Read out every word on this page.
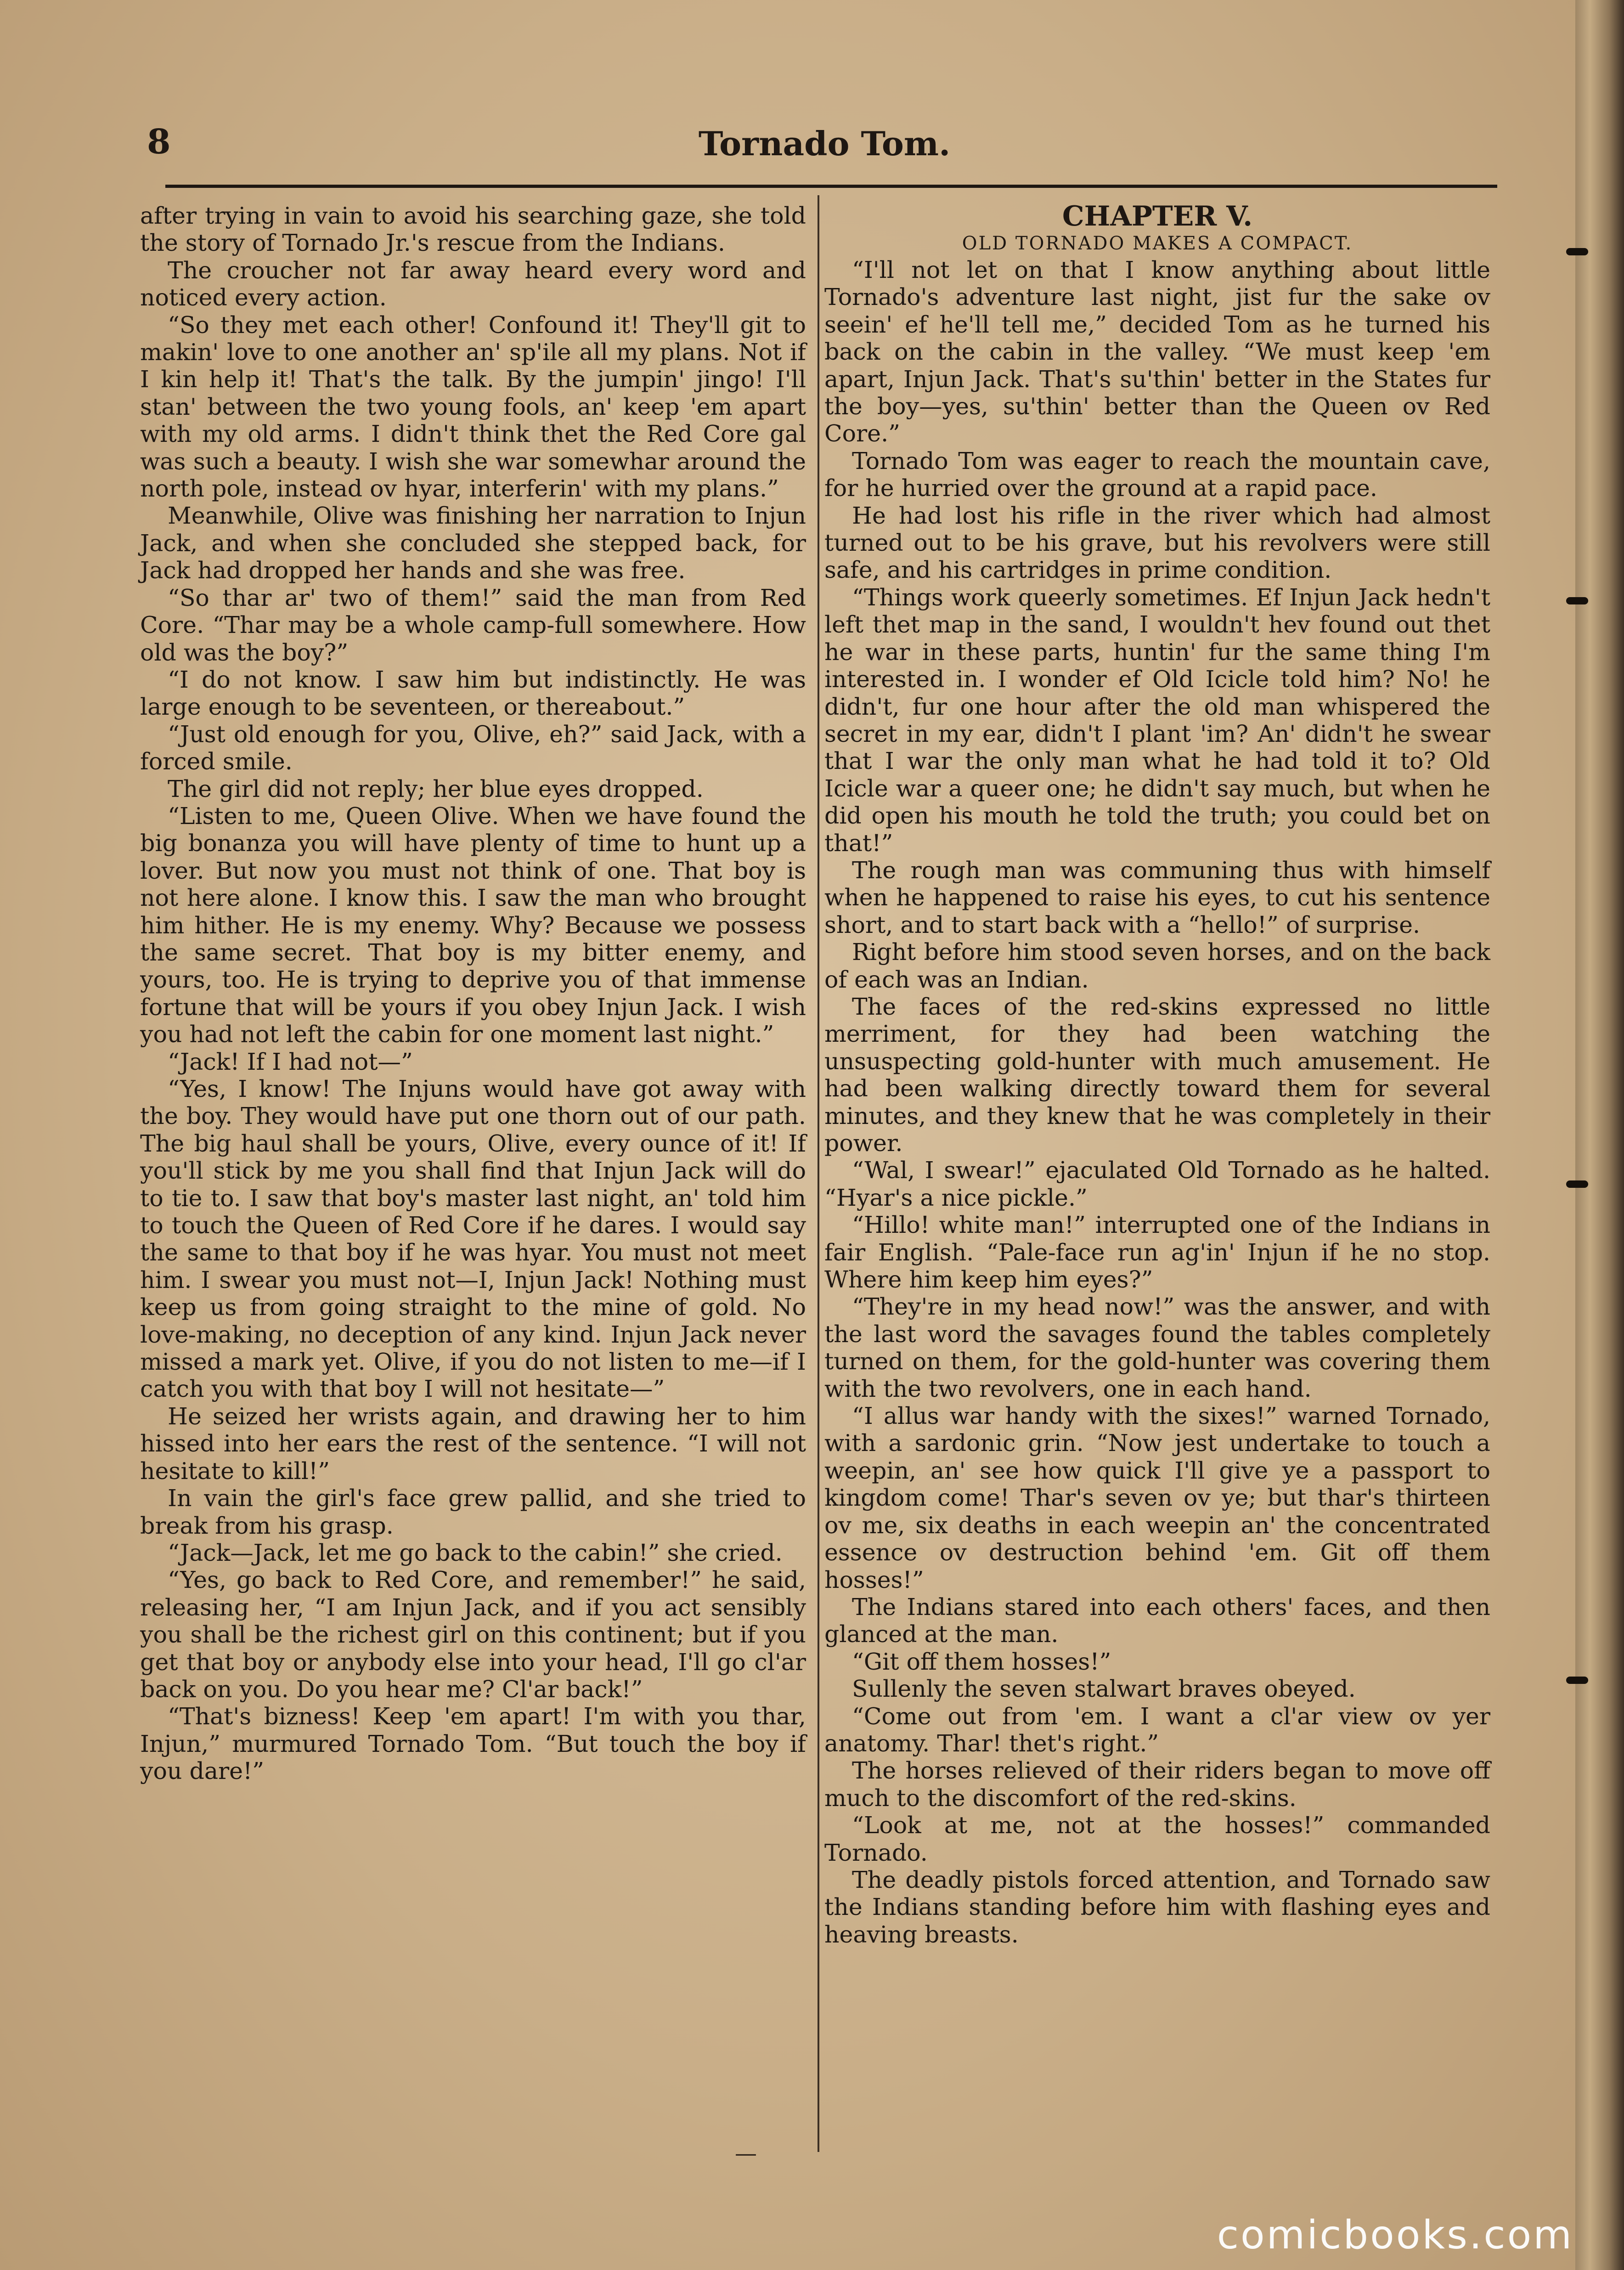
8	Tornado Tom.

after trying in vain to avoid his searching gaze, she told the story of Tornado Jr.'s rescue from the Indians.

The croucher not far away heard every word and noticed every action.

“So they met each other! Confound it! They'll git to makin' love to one another an' sp'ile all my plans. Not if I kin help it! That's the talk. By the jumpin' jingo! I'll stan' between the two young fools, an' keep 'em apart with my old arms. I didn't think thet the Red Core gal was such a beauty. I wish she war somewhar around the north pole, instead ov hyar, interferin' with my plans.”

Meanwhile, Olive was finishing her narration to Injun Jack, and when she concluded she stepped back, for Jack had dropped her hands and she was free.

“So thar ar' two of them!” said the man from Red Core. “Thar may be a whole camp-full somewhere. How old was the boy?”

“I do not know. I saw him but indistinctly. He was large enough to be seventeen, or thereabout.”

“Just old enough for you, Olive, eh?” said Jack, with a forced smile.

The girl did not reply; her blue eyes dropped.

“Listen to me, Queen Olive. When we have found the big bonanza you will have plenty of time to hunt up a lover. But now you must not think of one. That boy is not here alone. I know this. I saw the man who brought him hither. He is my enemy. Why? Because we possess the same secret. That boy is my bitter enemy, and yours, too. He is trying to deprive you of that immense fortune that will be yours if you obey Injun Jack. I wish you had not left the cabin for one moment last night.”

“Jack! If I had not—”

“Yes, I know! The Injuns would have got away with the boy. They would have put one thorn out of our path. The big haul shall be yours, Olive, every ounce of it! If you'll stick by me you shall find that Injun Jack will do to tie to. I saw that boy's master last night, an' told him to touch the Queen of Red Core if he dares. I would say the same to that boy if he was hyar. You must not meet him. I swear you must not—I, Injun Jack! Nothing must keep us from going straight to the mine of gold. No love-making, no deception of any kind. Injun Jack never missed a mark yet. Olive, if you do not listen to me—if I catch you with that boy I will not hesitate—”

He seized her wrists again, and drawing her to him hissed into her ears the rest of the sentence. “I will not hesitate to kill!”

In vain the girl's face grew pallid, and she tried to break from his grasp.

“Jack—Jack, let me go back to the cabin!” she cried.

“Yes, go back to Red Core, and remember!” he said, releasing her, “I am Injun Jack, and if you act sensibly you shall be the richest girl on this continent; but if you get that boy or anybody else into your head, I'll go cl'ar back on you. Do you hear me? Cl'ar back!”

“That's bizness! Keep 'em apart! I'm with you thar, Injun,” murmured Tornado Tom. “But touch the boy if you dare!”

CHAPTER V.
OLD TORNADO MAKES A COMPACT.

“I'll not let on that I know anything about little Tornado's adventure last night, jist fur the sake ov seein' ef he'll tell me,” decided Tom as he turned his back on the cabin in the valley. “We must keep 'em apart, Injun Jack. That's su'thin' better in the States fur the boy—yes, su'thin' better than the Queen ov Red Core.”

Tornado Tom was eager to reach the mountain cave, for he hurried over the ground at a rapid pace.

He had lost his rifle in the river which had almost turned out to be his grave, but his revolvers were still safe, and his cartridges in prime condition.

“Things work queerly sometimes. Ef Injun Jack hedn't left thet map in the sand, I wouldn't hev found out thet he war in these parts, huntin' fur the same thing I'm interested in. I wonder ef Old Icicle told him? No! he didn't, fur one hour after the old man whispered the secret in my ear, didn't I plant 'im? An' didn't he swear that I war the only man what he had told it to? Old Icicle war a queer one; he didn't say much, but when he did open his mouth he told the truth; you could bet on that!”

The rough man was communing thus with himself when he happened to raise his eyes, to cut his sentence short, and to start back with a “hello!” of surprise.

Right before him stood seven horses, and on the back of each was an Indian.

The faces of the red-skins expressed no little merriment, for they had been watching the unsuspecting gold-hunter with much amusement. He had been walking directly toward them for several minutes, and they knew that he was completely in their power.

“Wal, I swear!” ejaculated Old Tornado as he halted. “Hyar's a nice pickle.”

“Hillo! white man!” interrupted one of the Indians in fair English. “Pale-face run ag'in' Injun if he no stop. Where him keep him eyes?”

“They're in my head now!” was the answer, and with the last word the savages found the tables completely turned on them, for the gold-hunter was covering them with the two revolvers, one in each hand.

“I allus war handy with the sixes!” warned Tornado, with a sardonic grin. “Now jest undertake to touch a weepin, an' see how quick I'll give ye a passport to kingdom come! Thar's seven ov ye; but thar's thirteen ov me, six deaths in each weepin an' the concentrated essence ov destruction behind 'em. Git off them hosses!”

The Indians stared into each others' faces, and then glanced at the man.

“Git off them hosses!”

Sullenly the seven stalwart braves obeyed.

“Come out from 'em. I want a cl'ar view ov yer anatomy. Thar! thet's right.”

The horses relieved of their riders began to move off much to the discomfort of the red-skins.

“Look at me, not at the hosses!” commanded Tornado.

The deadly pistols forced attention, and Tornado saw the Indians standing before him with flashing eyes and heaving breasts.

—
comicbooks.com
